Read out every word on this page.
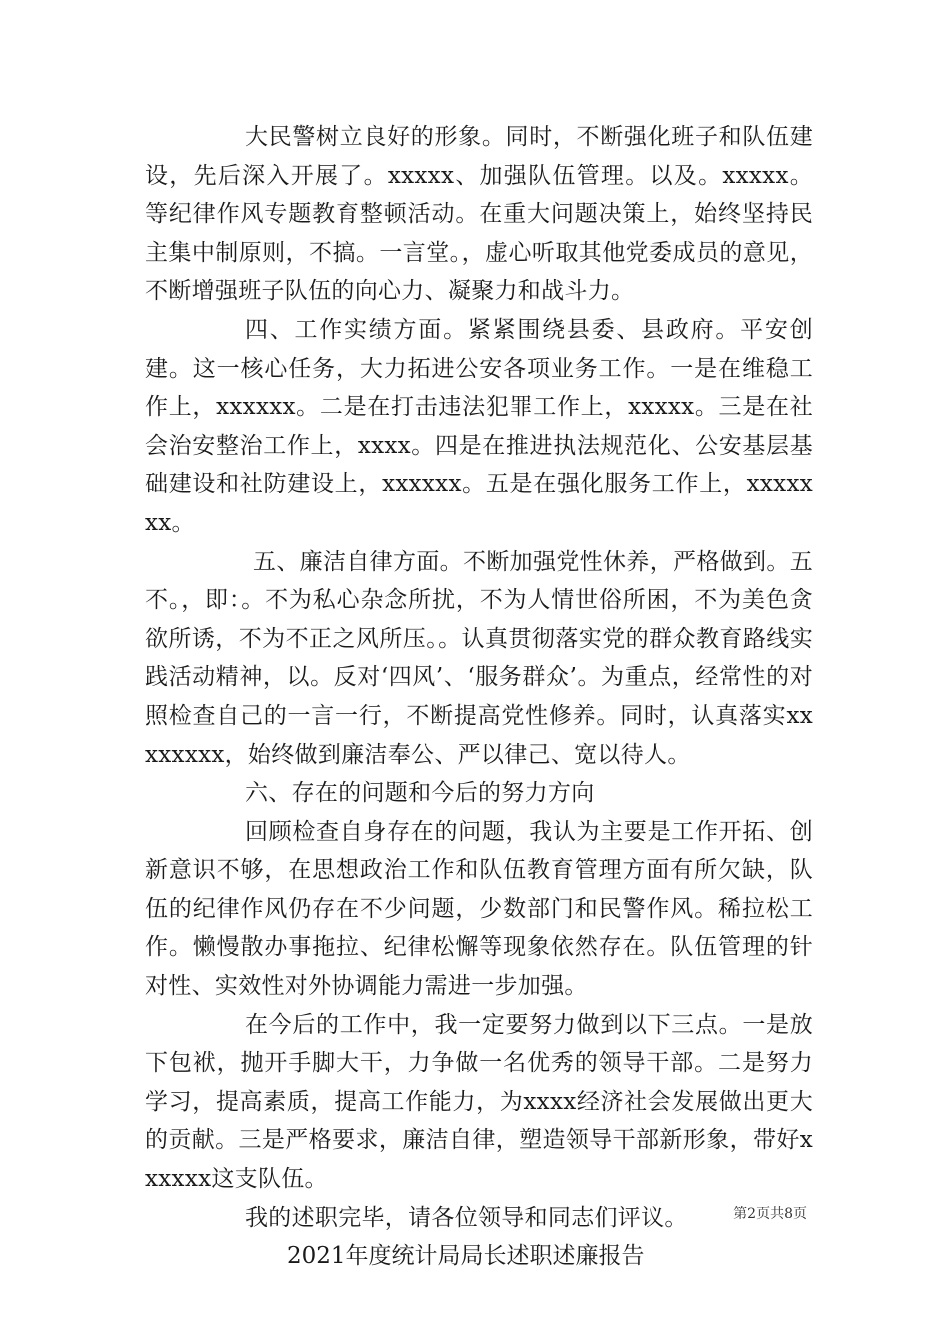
大民警树立良好的形象。同时，不断强化班子和队伍建设，先后深入开展了。xxxxx、加强队伍管理。以及。xxxxx。等纪律作风专题教育整顿活动。在重大问题决策上，始终坚持民主集中制原则，不搞。一言堂。，虚心听取其他党委成员的意见，不断增强班子队伍的向心力、凝聚力和战斗力。

四、工作实绩方面。紧紧围绕县委、县政府。平安创建。这一核心任务，大力拓进公安各项业务工作。一是在维稳工作上，xxxxxx。二是在打击违法犯罪工作上，xxxxx。三是在社会治安整治工作上，xxxx。四是在推进执法规范化、公安基层基础建设和社防建设上，xxxxxx。五是在强化服务工作上，xxxxxxx。

五、廉洁自律方面。不断加强党性休养，严格做到。五不。，即：。不为私心杂念所扰，不为人情世俗所困，不为美色贪欲所诱，不为不正之风所压。。认真贯彻落实党的群众教育路线实践活动精神，以。反对‘四风’、‘服务群众’。为重点，经常性的对照检查自己的一言一行，不断提高党性修养。同时，认真落实xxxxxxxx，始终做到廉洁奉公、严以律己、宽以待人。

六、存在的问题和今后的努力方向

回顾检查自身存在的问题，我认为主要是工作开拓、创新意识不够，在思想政治工作和队伍教育管理方面有所欠缺，队伍的纪律作风仍存在不少问题，少数部门和民警作风。稀拉松工作。懒慢散办事拖拉、纪律松懈等现象依然存在。队伍管理的针对性、实效性对外协调能力需进一步加强。

在今后的工作中，我一定要努力做到以下三点。一是放下包袱，抛开手脚大干，力争做一名优秀的领导干部。二是努力学习，提高素质，提高工作能力，为xxxx经济社会发展做出更大的贡献。三是严格要求，廉洁自律，塑造领导干部新形象，带好xxxxxx这支队伍。

我的述职完毕，请各位领导和同志们评议。

2021年度统计局局长述职述廉报告

第2页共8页
